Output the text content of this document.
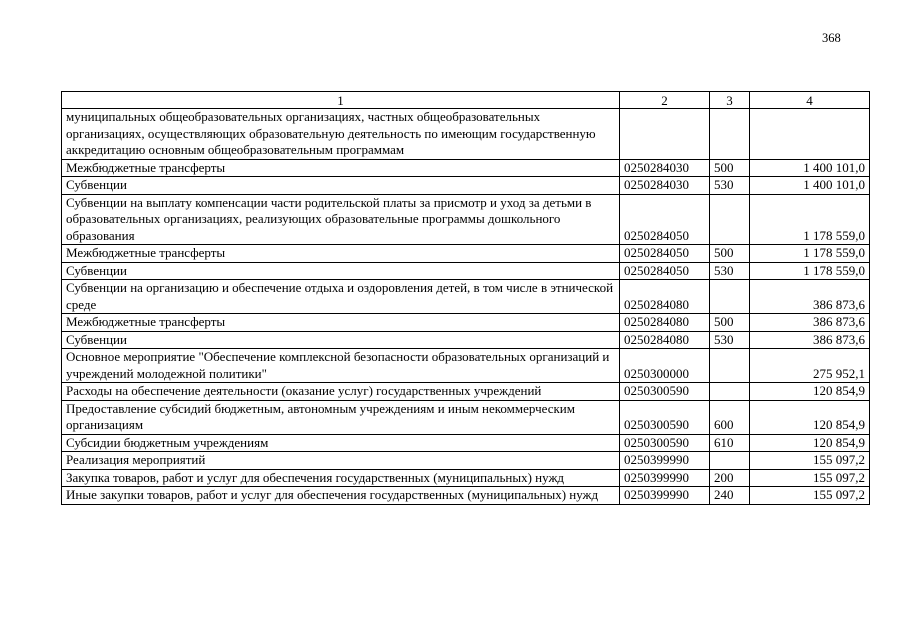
368
1	2	3	4
муниципальных общеобразовательных организациях, частных общеобразовательных организациях, осуществляющих образовательную деятельность по имеющим государственную аккредитацию основным общеобразовательным программам			
Межбюджетные трансферты	0250284030	500	1 400 101,0
Субвенции	0250284030	530	1 400 101,0
Субвенции на выплату компенсации части родительской платы за присмотр и уход за детьми в образовательных организациях, реализующих образовательные программы дошкольного образования	0250284050		1 178 559,0
Межбюджетные трансферты	0250284050	500	1 178 559,0
Субвенции	0250284050	530	1 178 559,0
Субвенции на организацию и обеспечение отдыха и оздоровления детей, в том числе в этнической среде	0250284080		386 873,6
Межбюджетные трансферты	0250284080	500	386 873,6
Субвенции	0250284080	530	386 873,6
Основное мероприятие "Обеспечение комплексной безопасности образовательных организаций и учреждений молодежной политики"	0250300000		275 952,1
Расходы на обеспечение деятельности (оказание услуг) государственных учреждений	0250300590		120 854,9
Предоставление субсидий бюджетным, автономным учреждениям и иным некоммерческим организациям	0250300590	600	120 854,9
Субсидии бюджетным учреждениям	0250300590	610	120 854,9
Реализация мероприятий	0250399990		155 097,2
Закупка товаров, работ и услуг для обеспечения государственных (муниципальных) нужд	0250399990	200	155 097,2
Иные закупки товаров, работ и услуг для обеспечения государственных (муниципальных) нужд	0250399990	240	155 097,2
